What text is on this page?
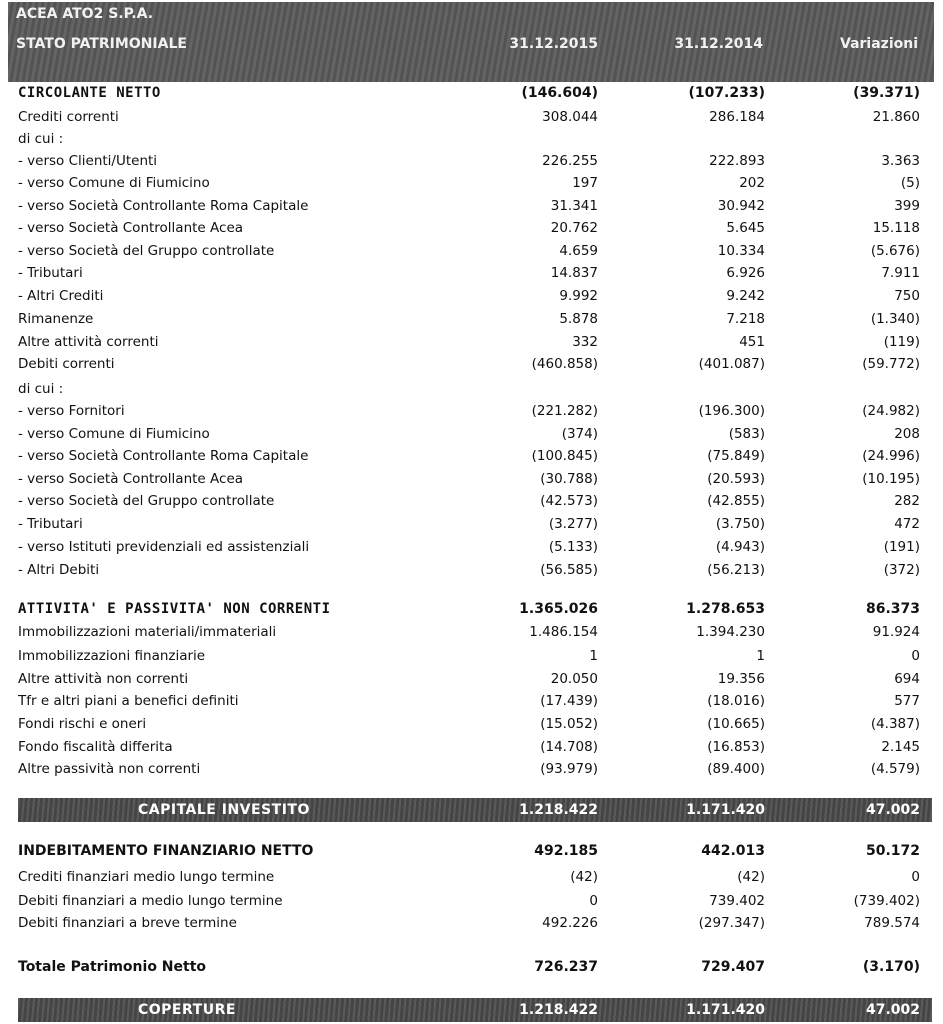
ACEA ATO2 S.P.A.
STATO PATRIMONIALE	31.12.2015	31.12.2014	Variazioni
CIRCOLANTE NETTO	(146.604)	(107.233)	(39.371)
Crediti correnti	308.044	286.184	21.860
di cui :
- verso Clienti/Utenti	226.255	222.893	3.363
- verso Comune di Fiumicino	197	202	(5)
- verso Società Controllante Roma Capitale	31.341	30.942	399
- verso Società Controllante Acea	20.762	5.645	15.118
- verso Società del Gruppo controllate	4.659	10.334	(5.676)
- Tributari	14.837	6.926	7.911
- Altri Crediti	9.992	9.242	750
Rimanenze	5.878	7.218	(1.340)
Altre attività correnti	332	451	(119)
Debiti correnti	(460.858)	(401.087)	(59.772)
di cui :
- verso Fornitori	(221.282)	(196.300)	(24.982)
- verso Comune di Fiumicino	(374)	(583)	208
- verso Società Controllante Roma Capitale	(100.845)	(75.849)	(24.996)
- verso Società Controllante Acea	(30.788)	(20.593)	(10.195)
- verso Società del Gruppo controllate	(42.573)	(42.855)	282
- Tributari	(3.277)	(3.750)	472
- verso Istituti previdenziali ed assistenziali	(5.133)	(4.943)	(191)
- Altri Debiti	(56.585)	(56.213)	(372)
ATTIVITA' E PASSIVITA' NON CORRENTI	1.365.026	1.278.653	86.373
Immobilizzazioni materiali/immateriali	1.486.154	1.394.230	91.924
Immobilizzazioni finanziarie	1	1	0
Altre attività non correnti	20.050	19.356	694
Tfr e altri piani a benefici definiti	(17.439)	(18.016)	577
Fondi rischi e oneri	(15.052)	(10.665)	(4.387)
Fondo fiscalità differita	(14.708)	(16.853)	2.145
Altre passività non correnti	(93.979)	(89.400)	(4.579)
INDEBITAMENTO FINANZIARIO NETTO	492.185	442.013	50.172
Crediti finanziari medio lungo termine	(42)	(42)	0
Debiti finanziari a medio lungo termine	0	739.402	(739.402)
Debiti finanziari a breve termine	492.226	(297.347)	789.574
Totale Patrimonio Netto	726.237	729.407	(3.170)
CAPITALE INVESTITO	1.218.422	1.171.420	47.002
COPERTURE	1.218.422	1.171.420	47.002
